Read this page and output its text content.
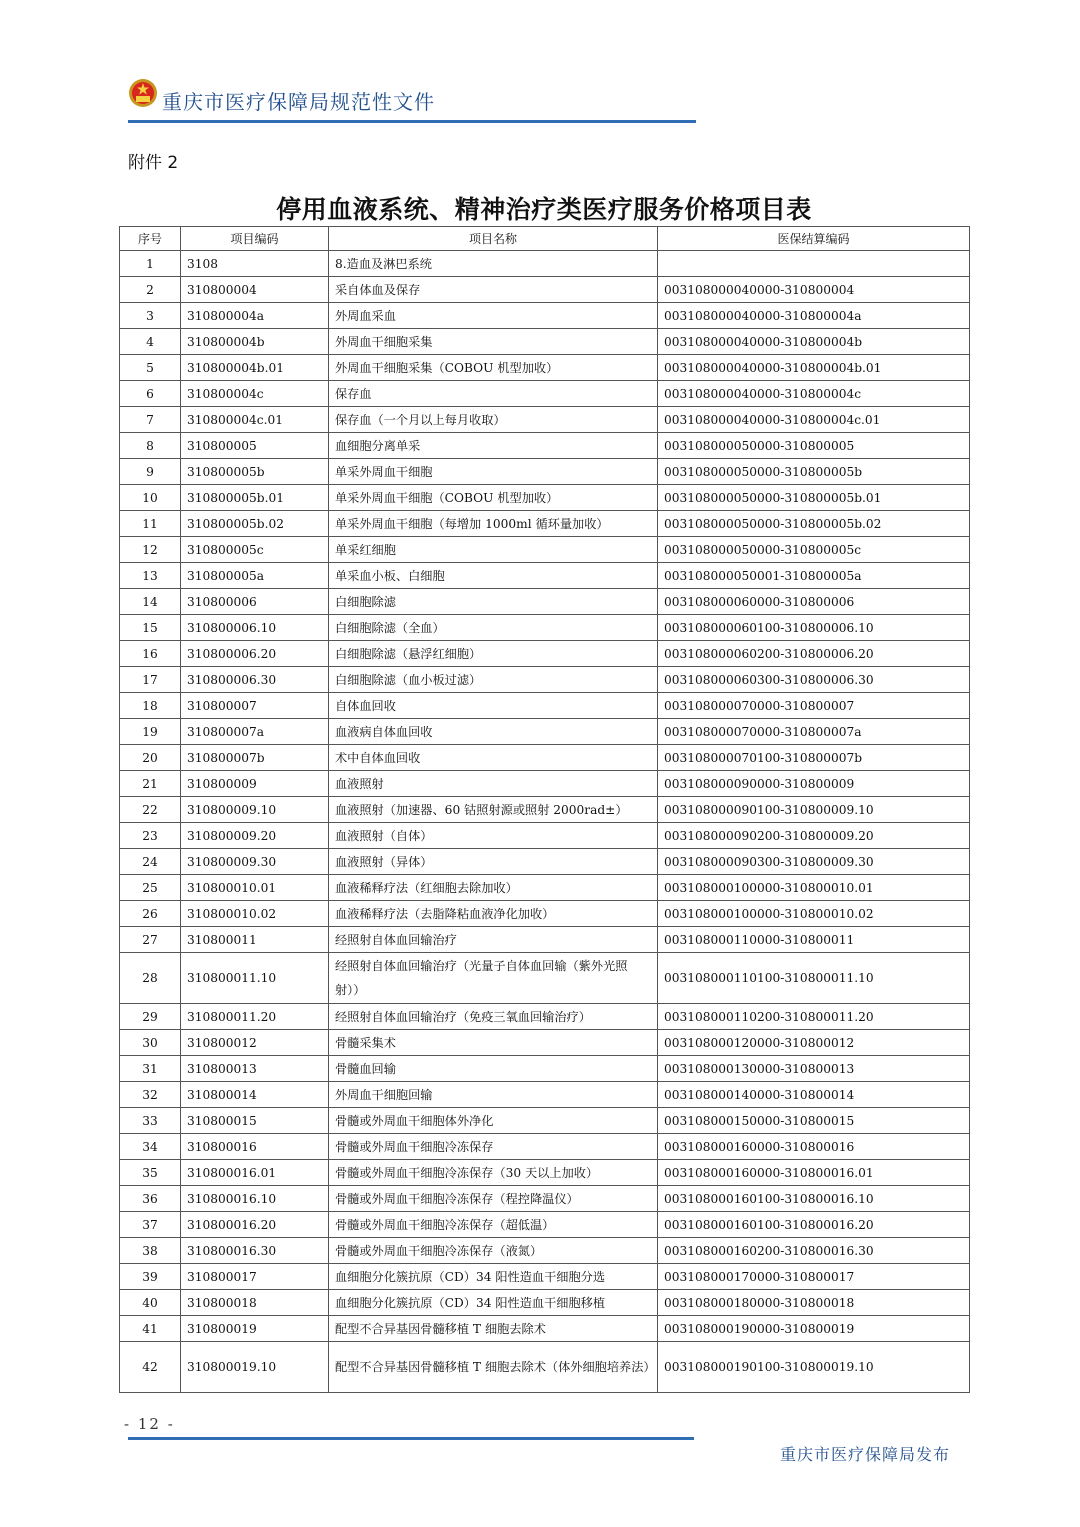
重庆市医疗保障局规范性文件
附件 2
停用血液系统、精神治疗类医疗服务价格项目表
序号	项目编码	项目名称	医保结算编码
1	3108	8.造血及淋巴系统	
2	310800004	采自体血及保存	003108000040000-310800004
3	310800004a	外周血采血	003108000040000-310800004a
4	310800004b	外周血干细胞采集	003108000040000-310800004b
5	310800004b.01	外周血干细胞采集（COBOU 机型加收）	003108000040000-310800004b.01
6	310800004c	保存血	003108000040000-310800004c
7	310800004c.01	保存血（一个月以上每月收取）	003108000040000-310800004c.01
8	310800005	血细胞分离单采	003108000050000-310800005
9	310800005b	单采外周血干细胞	003108000050000-310800005b
10	310800005b.01	单采外周血干细胞（COBOU 机型加收）	003108000050000-310800005b.01
11	310800005b.02	单采外周血干细胞（每增加 1000ml 循环量加收）	003108000050000-310800005b.02
12	310800005c	单采红细胞	003108000050000-310800005c
13	310800005a	单采血小板、白细胞	003108000050001-310800005a
14	310800006	白细胞除滤	003108000060000-310800006
15	310800006.10	白细胞除滤（全血）	003108000060100-310800006.10
16	310800006.20	白细胞除滤（悬浮红细胞）	003108000060200-310800006.20
17	310800006.30	白细胞除滤（血小板过滤）	003108000060300-310800006.30
18	310800007	自体血回收	003108000070000-310800007
19	310800007a	血液病自体血回收	003108000070000-310800007a
20	310800007b	术中自体血回收	003108000070100-310800007b
21	310800009	血液照射	003108000090000-310800009
22	310800009.10	血液照射（加速器、60 钴照射源或照射 2000rad±）	003108000090100-310800009.10
23	310800009.20	血液照射（自体）	003108000090200-310800009.20
24	310800009.30	血液照射（异体）	003108000090300-310800009.30
25	310800010.01	血液稀释疗法（红细胞去除加收）	003108000100000-310800010.01
26	310800010.02	血液稀释疗法（去脂降粘血液净化加收）	003108000100000-310800010.02
27	310800011	经照射自体血回输治疗	003108000110000-310800011
28	310800011.10	经照射自体血回输治疗（光量子自体血回输（紫外光照射））	003108000110100-310800011.10
29	310800011.20	经照射自体血回输治疗（免疫三氧血回输治疗）	003108000110200-310800011.20
30	310800012	骨髓采集术	003108000120000-310800012
31	310800013	骨髓血回输	003108000130000-310800013
32	310800014	外周血干细胞回输	003108000140000-310800014
33	310800015	骨髓或外周血干细胞体外净化	003108000150000-310800015
34	310800016	骨髓或外周血干细胞冷冻保存	003108000160000-310800016
35	310800016.01	骨髓或外周血干细胞冷冻保存（30 天以上加收）	003108000160000-310800016.01
36	310800016.10	骨髓或外周血干细胞冷冻保存（程控降温仪）	003108000160100-310800016.10
37	310800016.20	骨髓或外周血干细胞冷冻保存（超低温）	003108000160100-310800016.20
38	310800016.30	骨髓或外周血干细胞冷冻保存（液氮）	003108000160200-310800016.30
39	310800017	血细胞分化簇抗原（CD）34 阳性造血干细胞分选	003108000170000-310800017
40	310800018	血细胞分化簇抗原（CD）34 阳性造血干细胞移植	003108000180000-310800018
41	310800019	配型不合异基因骨髓移植 T 细胞去除术	003108000190000-310800019
42	310800019.10	配型不合异基因骨髓移植 T 细胞去除术（体外细胞培养法）	003108000190100-310800019.10
- 12 -
重庆市医疗保障局发布
